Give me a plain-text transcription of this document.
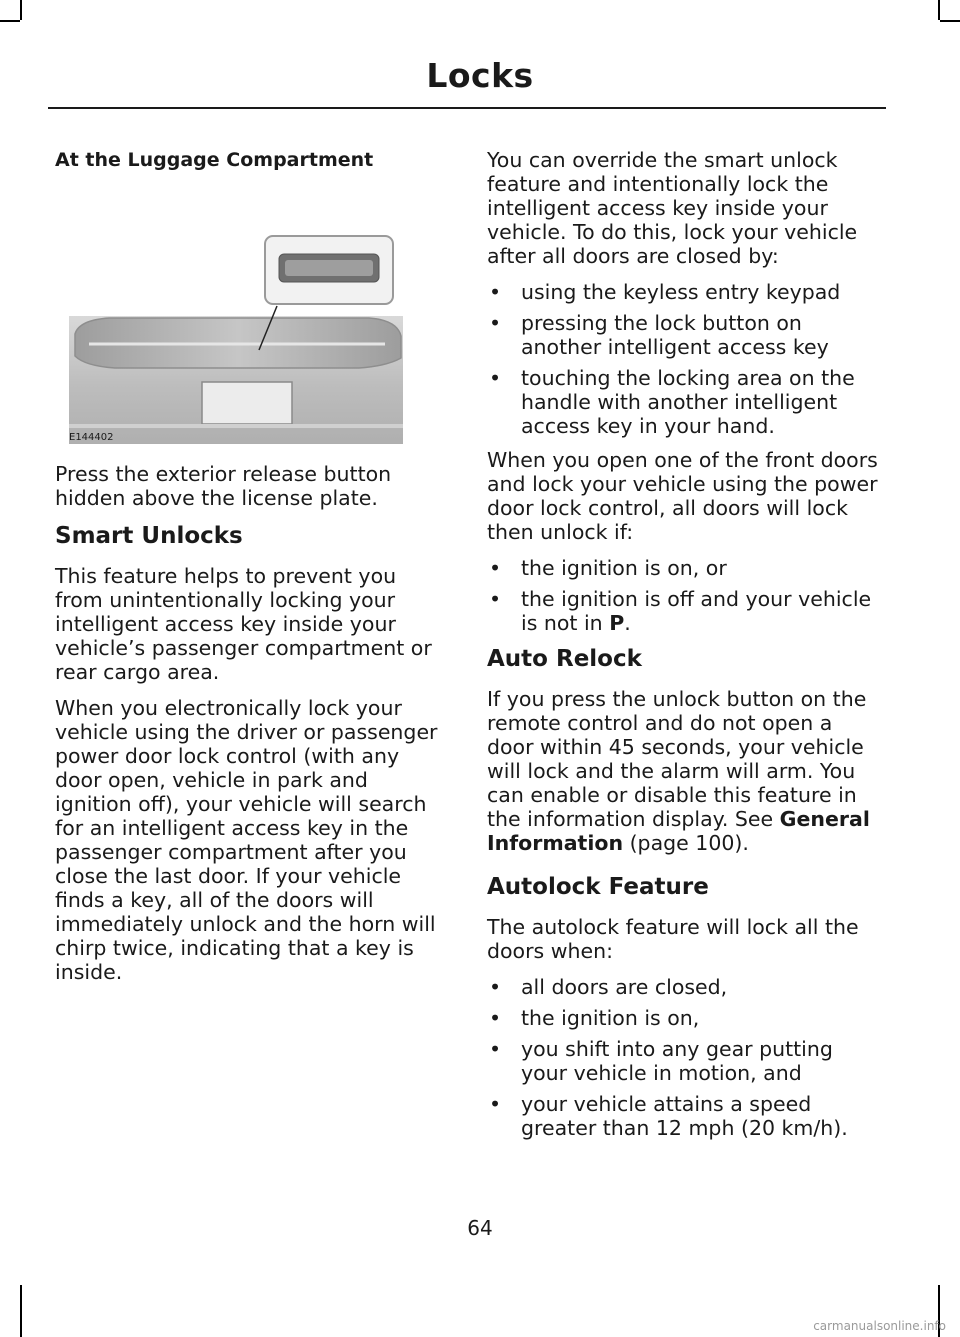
Locks
At the Luggage Compartment
E144402

Press the exterior release button hidden above the license plate.

Smart Unlocks

This feature helps to prevent you from unintentionally locking your intelligent access key inside your vehicle’s passenger compartment or rear cargo area.

When you electronically lock your vehicle using the driver or passenger power door lock control (with any door open, vehicle in park and ignition off), your vehicle will search for an intelligent access key in the passenger compartment after you close the last door. If your vehicle finds a key, all of the doors will immediately unlock and the horn will chirp twice, indicating that a key is inside.

You can override the smart unlock feature and intentionally lock the intelligent access key inside your vehicle. To do this, lock your vehicle after all doors are closed by:

• using the keyless entry keypad
• pressing the lock button on another intelligent access key
• touching the locking area on the handle with another intelligent access key in your hand.

When you open one of the front doors and lock your vehicle using the power door lock control, all doors will lock then unlock if:

• the ignition is on, or
• the ignition is off and your vehicle is not in P.
Auto Relock

If you press the unlock button on the remote control and do not open a door within 45 seconds, your vehicle will lock and the alarm will arm. You can enable or disable this feature in the information display. See General Information (page 100).

Autolock Feature

The autolock feature will lock all the doors when:

• all doors are closed,
• the ignition is on,
• you shift into any gear putting your vehicle in motion, and
• your vehicle attains a speed greater than 12 mph (20 km/h).
64
carmanualsonline.info
